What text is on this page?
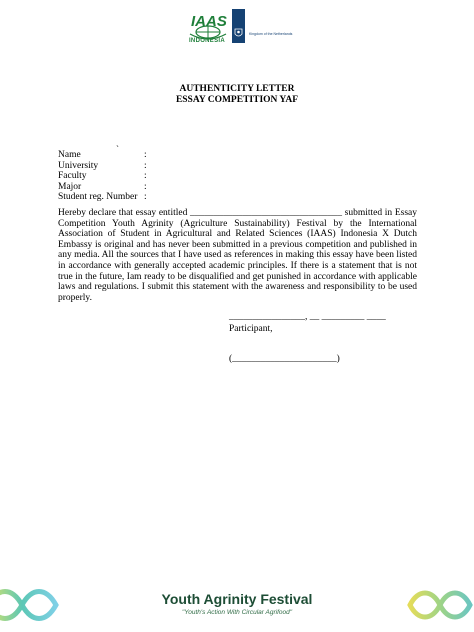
IAAS
INDONESIA
Kingdom of the Netherlands
AUTHENTICITY LETTER
ESSAY COMPETITION YAF
`
Name	:
University	:
Faculty	:
Major	:
Student reg. Number :
Hereby declare that essay entitled ________________________________ submitted in Essay Competition Youth Agrinity (Agriculture Sustainability) Festival by the International Association of Student in Agricultural and Related Sciences (IAAS) Indonesia X Dutch Embassy is original and has never been submitted in a previous competition and published in any media. All the sources that I have used as references in making this essay have been listed in accordance with generally accepted academic principles. If there is a statement that is not true in the future, Iam ready to be disqualified and get punished in accordance with applicable laws and regulations. I submit this statement with the awareness and responsibility to be used properly.
________________, __ _________ ____
Participant,
(______________________)
Youth Agrinity Festival
"Youth's Action With Circular Agrifood"
